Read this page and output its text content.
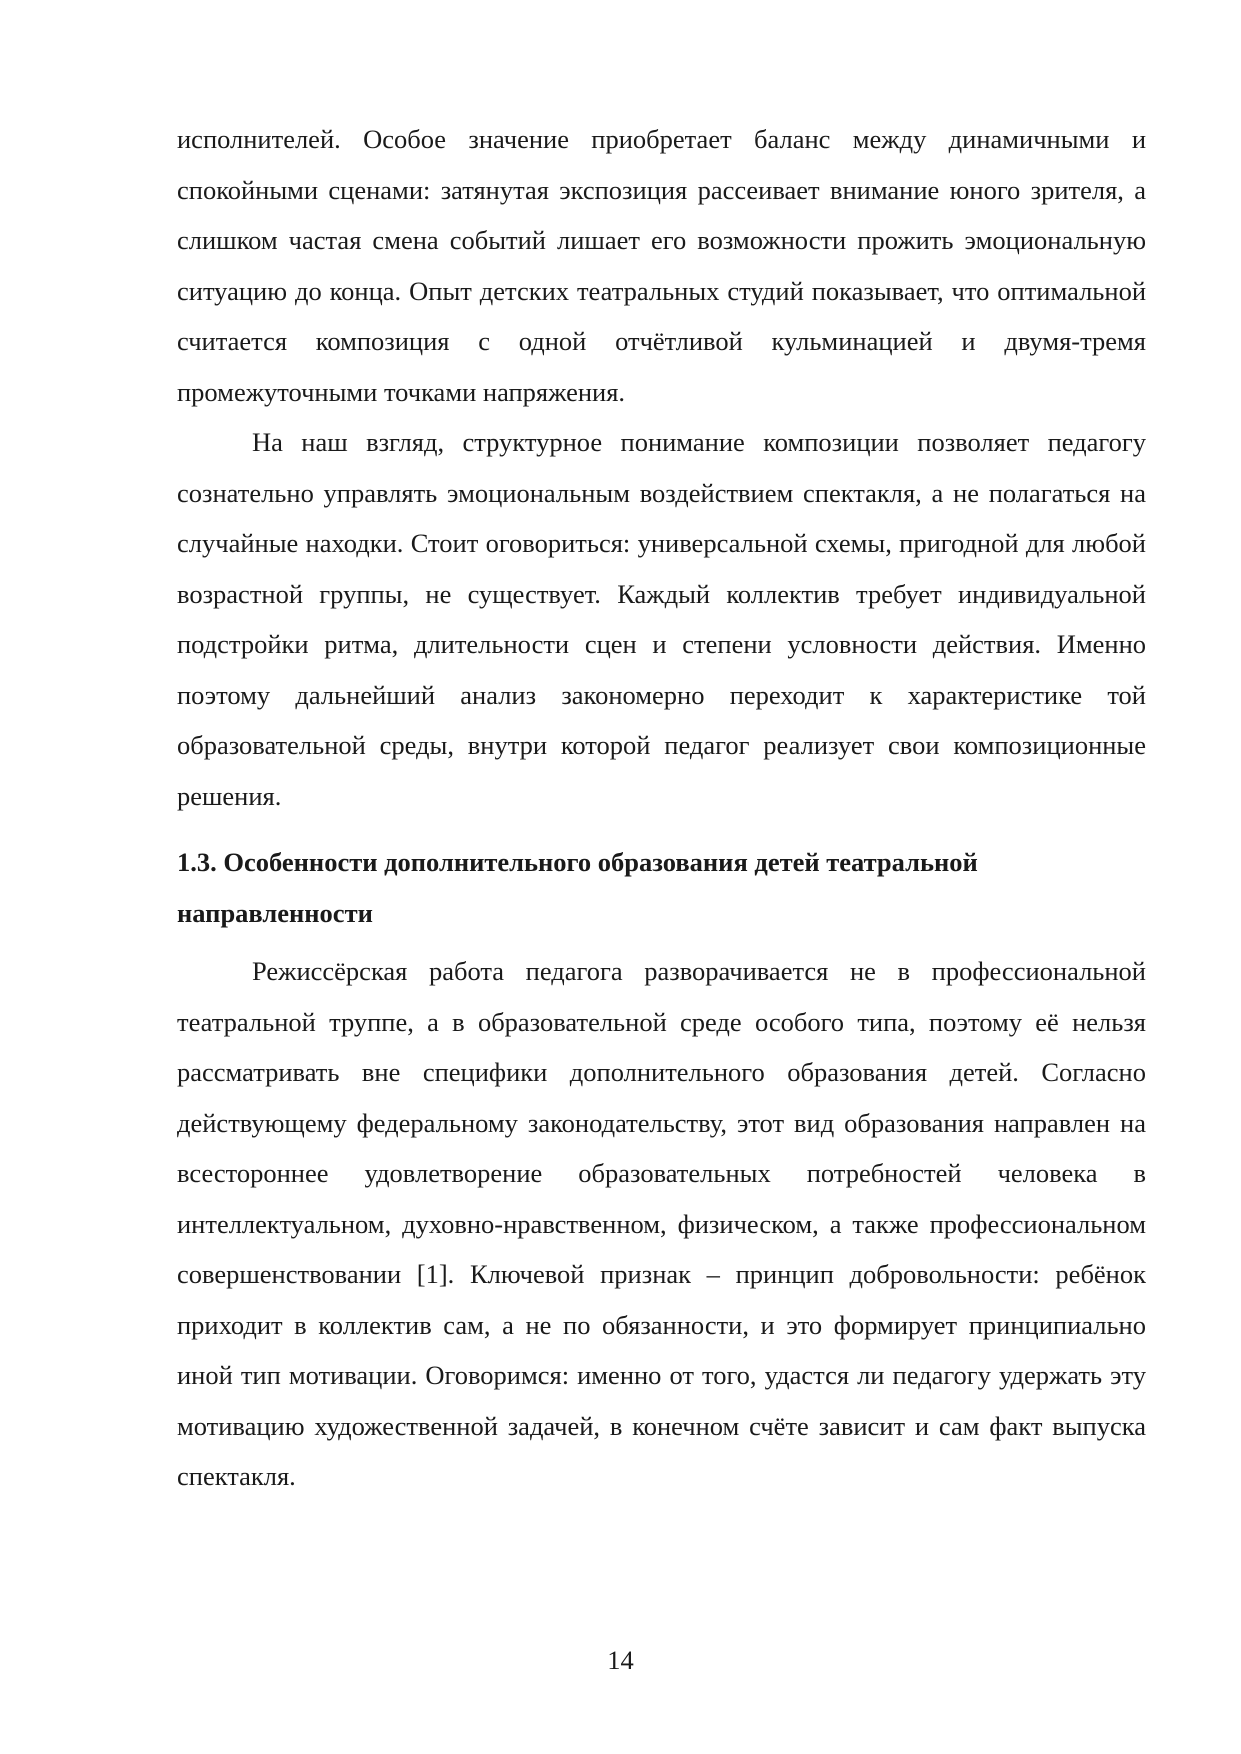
исполнителей. Особое значение приобретает баланс между динамичными и спокойными сценами: затянутая экспозиция рассеивает внимание юного зрителя, а слишком частая смена событий лишает его возможности прожить эмоциональную ситуацию до конца. Опыт детских театральных студий показывает, что оптимальной считается композиция с одной отчётливой кульминацией и двумя-тремя промежуточными точками напряжения.

На наш взгляд, структурное понимание композиции позволяет педагогу сознательно управлять эмоциональным воздействием спектакля, а не полагаться на случайные находки. Стоит оговориться: универсальной схемы, пригодной для любой возрастной группы, не существует. Каждый коллектив требует индивидуальной подстройки ритма, длительности сцен и степени условности действия. Именно поэтому дальнейший анализ закономерно переходит к характеристике той образовательной среды, внутри которой педагог реализует свои композиционные решения.

1.3. Особенности дополнительного образования детей театральной направленности

Режиссёрская работа педагога разворачивается не в профессиональной театральной труппе, а в образовательной среде особого типа, поэтому её нельзя рассматривать вне специфики дополнительного образования детей. Согласно действующему федеральному законодательству, этот вид образования направлен на всестороннее удовлетворение образовательных потребностей человека в интеллектуальном, духовно-нравственном, физическом, а также профессиональном совершенствовании [1]. Ключевой признак – принцип добровольности: ребёнок приходит в коллектив сам, а не по обязанности, и это формирует принципиально иной тип мотивации. Оговоримся: именно от того, удастся ли педагогу удержать эту мотивацию художественной задачей, в конечном счёте зависит и сам факт выпуска спектакля.

14
